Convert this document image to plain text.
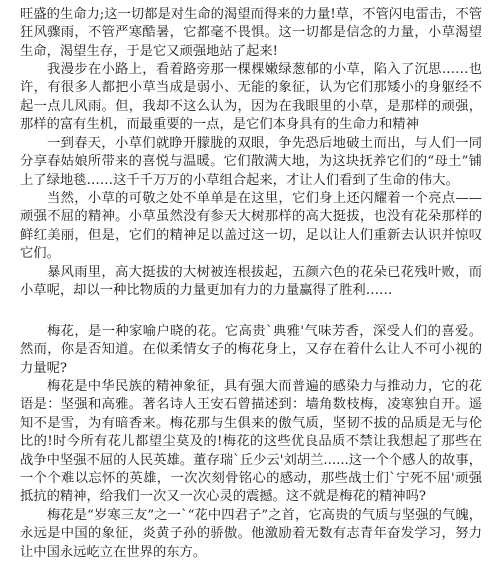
旺盛的生命力;这一切都是对生命的渴望而得来的力量!草，不管闪电雷击，不管狂风骤雨，不管严寒酷暑，它都毫不畏惧。这一切都是信念的力量，小草渴望生命，渴望生存，于是它又顽强地站了起来!

我漫步在小路上，看着路旁那一棵棵嫩绿葱郁的小草，陷入了沉思……也许，有很多人都把小草当成是弱小、无能的象征，认为它们那矮小的身躯经不起一点儿风雨。但，我却不这么认为，因为在我眼里的小草，是那样的顽强，那样的富有生机，而最重要的一点，是它们本身具有的生命力和精神

一到春天，小草们就睁开朦胧的双眼，争先恐后地破土而出，与人们一同分享春姑娘所带来的喜悦与温暖。它们散满大地，为这块抚养它们的“母土”铺上了绿地毯……这千千万万的小草组合起来，才让人们看到了生命的伟大。

当然，小草的可敬之处不单单是在这里，它们身上还闪耀着一个亮点——顽强不屈的精神。小草虽然没有参天大树那样的高大挺拔，也没有花朵那样的鲜红美丽，但是，它们的精神足以盖过这一切，足以让人们重新去认识并惊叹它们。

暴风雨里，高大挺拔的大树被连根拔起，五颜六色的花朵已花残叶败，而小草呢，却以一种比物质的力量更加有力的力量赢得了胜利……

梅花，是一种家喻户晓的花。它高贵`典雅'气味芳香，深受人们的喜爱。然而，你是否知道。在似柔情女子的梅花身上，又存在着什么让人不可小视的力量呢?

梅花是中华民族的精神象征，具有强大而普遍的感染力与推动力，它的花语是：坚强和高雅。著名诗人王安石曾描述到：墙角数枝梅，凌寒独自开。遥知不是雪，为有暗香来。梅花那与生俱来的傲气质，坚韧不拔的品质是无与伦比的!时今所有花儿都望尘莫及的!梅花的这些优良品质不禁让我想起了那些在战争中坚强不屈的人民英雄。董存瑞`丘少云'刘胡兰......这一个个感人的故事，一个个难以忘怀的英雄，一次次刻骨铭心的感动，那些战士们`宁死不屈'顽强抵抗的精神，给我们一次又一次心灵的震撼。这不就是梅花的精神吗?

梅花是“岁寒三友”之一`“花中四君子”之首，它高贵的气质与坚强的气魄，永远是中国的象征，炎黄子孙的骄傲。他激励着无数有志青年奋发学习，努力让中国永远屹立在世界的东方。
